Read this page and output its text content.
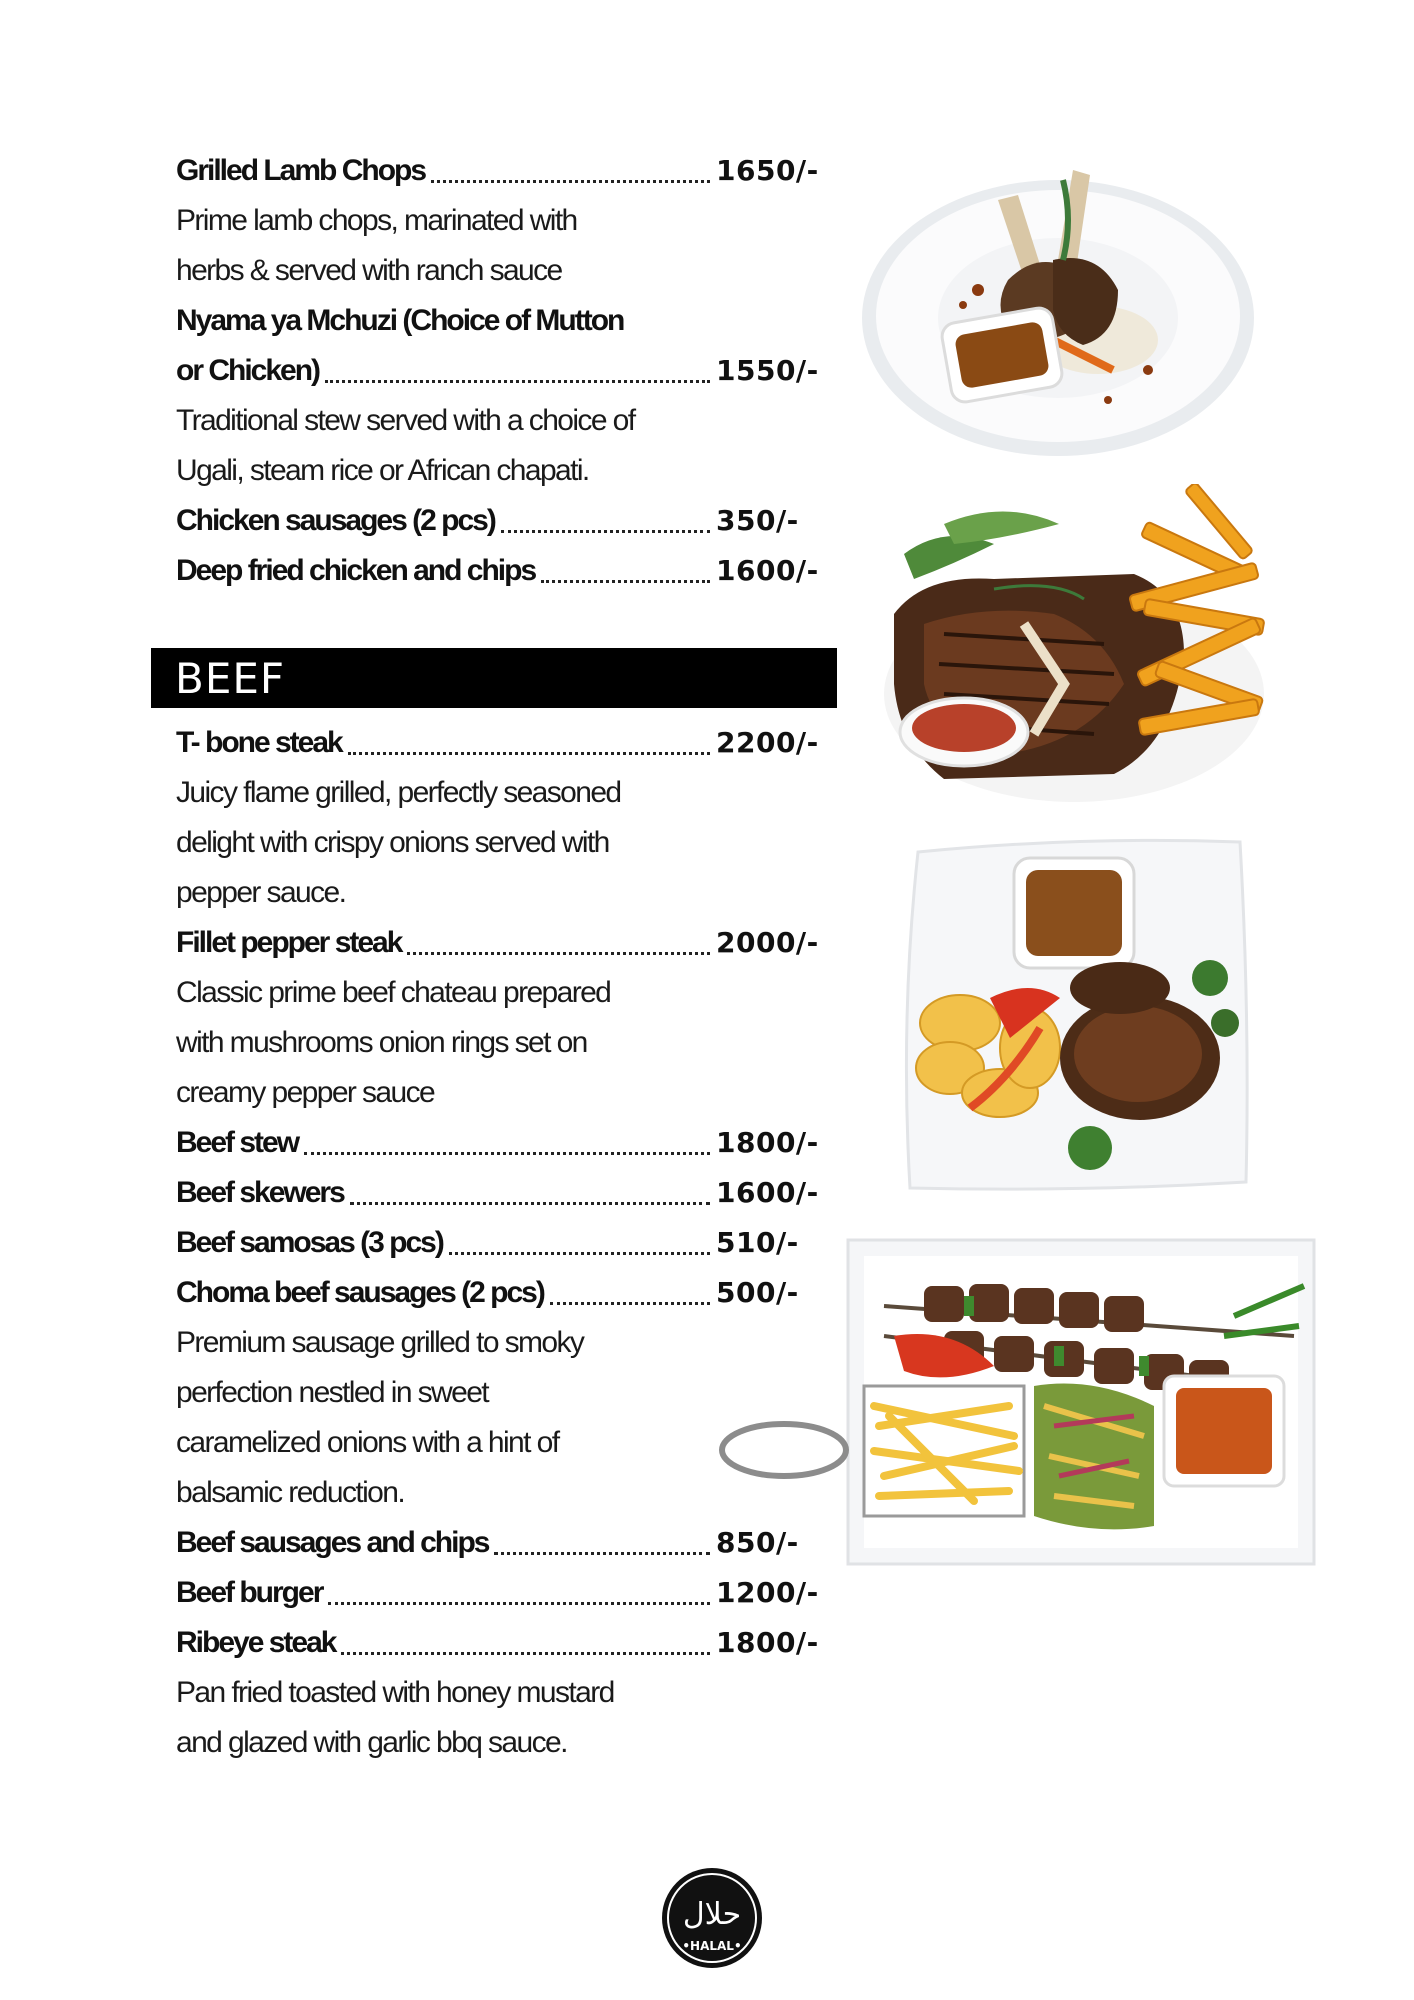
Grilled Lamb Chops	1650/-
Prime lamb chops, marinated with
herbs & served with ranch sauce
Nyama ya Mchuzi (Choice of Mutton
or Chicken)	1550/-
Traditional stew served with a choice of
Ugali, steam rice or African chapati.
Chicken sausages (2 pcs)	350/-
Deep fried chicken and chips	1600/-
BEEF
T- bone steak	2200/-
Juicy flame grilled, perfectly seasoned
delight with crispy onions served with
pepper sauce.
Fillet pepper steak	2000/-
Classic prime beef chateau prepared
with mushrooms onion rings set on
creamy pepper sauce
Beef stew	1800/-
Beef skewers	1600/-
Beef samosas (3 pcs)	510/-
Choma beef sausages (2 pcs)	500/-
Premium sausage grilled to smoky
perfection nestled in sweet
caramelized onions with a hint of
balsamic reduction.
Beef sausages and chips	850/-
Beef burger	1200/-
Ribeye steak	1800/-
Pan fried toasted with honey mustard
and glazed with garlic bbq sauce.
حلال
•HALAL•
